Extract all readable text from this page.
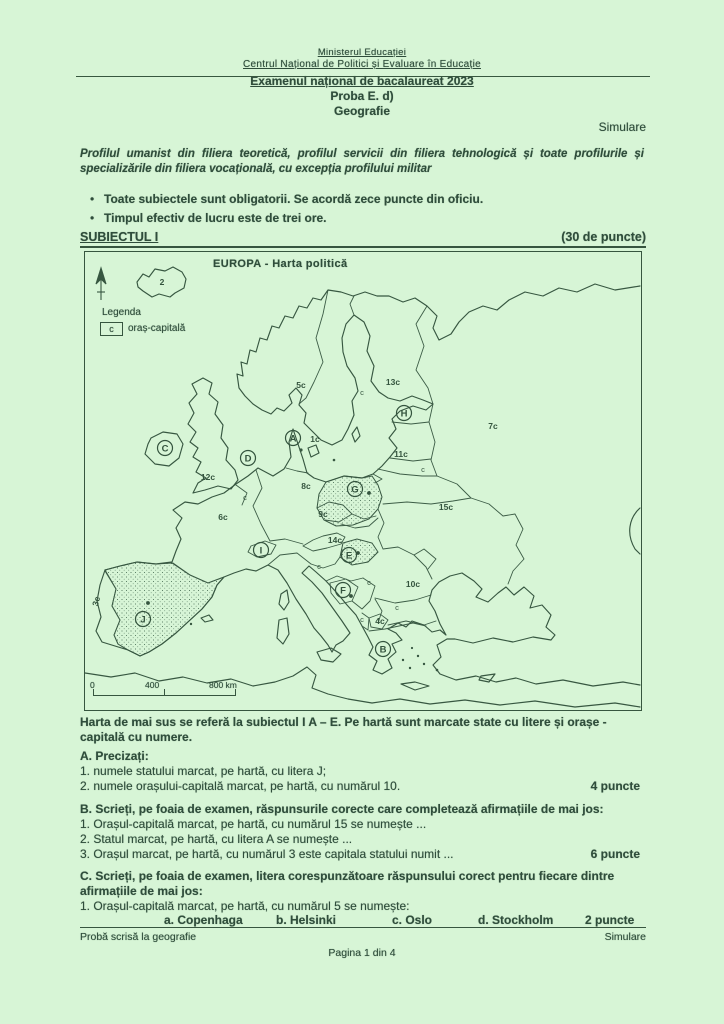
Ministerul Educației
Centrul Național de Politici și Evaluare în Educație
Examenul național de bacalaureat 2023
Proba E. d)
Geografie
Simulare
Profilul umanist din filiera teoretică, profilul servicii din filiera tehnologică și toate profilurile și specializările din filiera vocațională, cu excepția profilului militar
• Toate subiectele sunt obligatorii. Se acordă zece puncte din oficiu.
• Timpul efectiv de lucru este de trei ore.
SUBIECTUL I	(30 de puncte)
A
B
C
D
E
F
G
H
I
J
1c
2
3c
4c
5c
6c
7c
8c
9c
10c
11c
12c
13c
14c
15c
c
c
c
c
c
c
c
EUROPA - Harta politică
Legenda
c	oraș-capitală
0	400	800 km
Harta de mai sus se referă la subiectul I A – E. Pe hartă sunt marcate state cu litere și orașe - capitală cu numere.
A. Precizați:
1. numele statului marcat, pe hartă, cu litera J;
2. numele orașului-capitală marcat, pe hartă, cu numărul 10.	4 puncte
B. Scrieți, pe foaia de examen, răspunsurile corecte care completează afirmațiile de mai jos:
1. Orașul-capitală marcat, pe hartă, cu numărul 15 se numește ...
2. Statul marcat, pe hartă, cu litera A se numește ...
3. Orașul marcat, pe hartă, cu numărul 3 este capitala statului numit ...	6 puncte
C. Scrieți, pe foaia de examen, litera corespunzătoare răspunsului corect pentru fiecare dintre afirmațiile de mai jos:
1. Orașul-capitală marcat, pe hartă, cu numărul 5 se numește:
a. Copenhaga	b. Helsinki	c. Oslo	d. Stockholm	2 puncte
Probă scrisă la geografie	Simulare
Pagina 1 din 4
